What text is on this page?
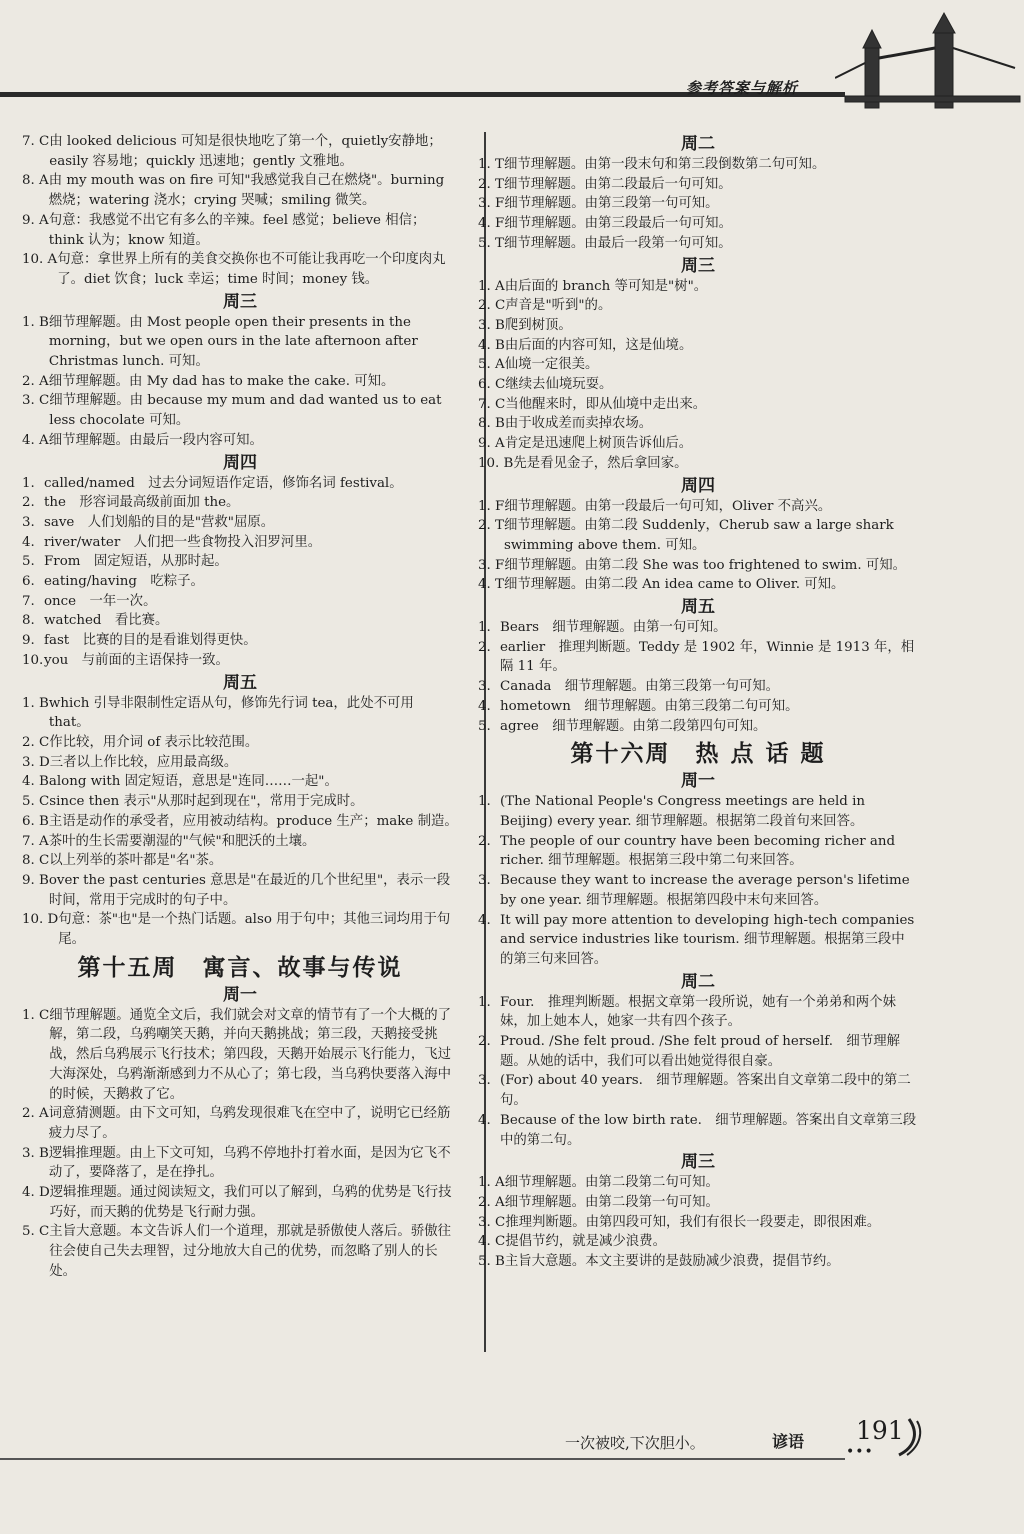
参考答案与解析
7. C 由 looked delicious 可知是很快地吃了第一个，quietly安静地；easily 容易地；quickly 迅速地；gently 文雅地。
8. A 由 my mouth was on fire 可知"我感觉我自己在燃烧"。burning 燃烧；watering 浇水；crying 哭喊；smiling 微笑。
9. A 句意：我感觉不出它有多么的辛辣。feel 感觉；believe 相信；think 认为；know 知道。
10. A 句意：拿世界上所有的美食交换你也不可能让我再吃一个印度肉丸了。diet 饮食；luck 幸运；time 时间；money 钱。
周三
1. B 细节理解题。由 Most people open their presents in the morning，but we open ours in the late afternoon after Christmas lunch. 可知。
2. A 细节理解题。由 My dad has to make the cake. 可知。
3. C 细节理解题。由 because my mum and dad wanted us to eat less chocolate 可知。
4. A 细节理解题。由最后一段内容可知。
周四
1. called/named　过去分词短语作定语，修饰名词 festival。
2. the　形容词最高级前面加 the。
3. save　人们划船的目的是"营救"屈原。
4. river/water　人们把一些食物投入汨罗河里。
5. From　固定短语，从那时起。
6. eating/having　吃粽子。
7. once　一年一次。
8. watched　看比赛。
9. fast　比赛的目的是看谁划得更快。
10. you　与前面的主语保持一致。
周五
1. B which 引导非限制性定语从句，修饰先行词 tea，此处不可用 that。
2. C 作比较，用介词 of 表示比较范围。
3. D 三者以上作比较，应用最高级。
4. B along with 固定短语，意思是"连同……一起"。
5. C since then 表示"从那时起到现在"，常用于完成时。
6. B 主语是动作的承受者，应用被动结构。produce 生产；make 制造。
7. A 茶叶的生长需要潮湿的"气候"和肥沃的土壤。
8. C 以上列举的茶叶都是"名"茶。
9. B over the past centuries 意思是"在最近的几个世纪里"，表示一段时间，常用于完成时的句子中。
10. D 句意：茶"也"是一个热门话题。also 用于句中；其他三词均用于句尾。
第十五周　寓言、故事与传说
周一
1. C 细节理解题。通览全文后，我们就会对文章的情节有了一个大概的了解，第二段，乌鸦嘲笑天鹅，并向天鹅挑战；第三段，天鹅接受挑战，然后乌鸦展示飞行技术；第四段，天鹅开始展示飞行能力，飞过大海深处，乌鸦渐渐感到力不从心了；第七段，当乌鸦快要落入海中的时候，天鹅救了它。
2. A 词意猜测题。由下文可知，乌鸦发现很难飞在空中了，说明它已经筋疲力尽了。
3. B 逻辑推理题。由上下文可知，乌鸦不停地扑打着水面，是因为它飞不动了，要降落了，是在挣扎。
4. D 逻辑推理题。通过阅读短文，我们可以了解到，乌鸦的优势是飞行技巧好，而天鹅的优势是飞行耐力强。
5. C 主旨大意题。本文告诉人们一个道理，那就是骄傲使人落后。骄傲往往会使自己失去理智，过分地放大自己的优势，而忽略了别人的长处。
周二
1. T 细节理解题。由第一段末句和第三段倒数第二句可知。
2. T 细节理解题。由第二段最后一句可知。
3. F 细节理解题。由第三段第一句可知。
4. F 细节理解题。由第三段最后一句可知。
5. T 细节理解题。由最后一段第一句可知。
周三
1. A 由后面的 branch 等可知是"树"。
2. C 声音是"听到"的。
3. B 爬到树顶。
4. B 由后面的内容可知，这是仙境。
5. A 仙境一定很美。
6. C 继续去仙境玩耍。
7. C 当他醒来时，即从仙境中走出来。
8. B 由于收成差而卖掉农场。
9. A 肯定是迅速爬上树顶告诉仙后。
10. B 先是看见金子，然后拿回家。
周四
1. F 细节理解题。由第一段最后一句可知，Oliver 不高兴。
2. T 细节理解题。由第二段 Suddenly，Cherub saw a large shark swimming above them. 可知。
3. F 细节理解题。由第二段 She was too frightened to swim. 可知。
4. T 细节理解题。由第二段 An idea came to Oliver. 可知。
周五
1. Bears　细节理解题。由第一句可知。
2. earlier　推理判断题。Teddy 是 1902 年，Winnie 是 1913 年，相隔 11 年。
3. Canada　细节理解题。由第三段第一句可知。
4. hometown　细节理解题。由第三段第二句可知。
5. agree　细节理解题。由第二段第四句可知。
第十六周　热 点 话 题
周一
1. (The National People's Congress meetings are held in Beijing) every year. 细节理解题。根据第二段首句来回答。
2. The people of our country have been becoming richer and richer. 细节理解题。根据第三段中第二句来回答。
3. Because they want to increase the average person's lifetime by one year. 细节理解题。根据第四段中末句来回答。
4. It will pay more attention to developing high-tech companies and service industries like tourism. 细节理解题。根据第三段中的第三句来回答。
周二
1. Four.　推理判断题。根据文章第一段所说，她有一个弟弟和两个妹妹，加上她本人，她家一共有四个孩子。
2. Proud. /She felt proud. /She felt proud of herself.　细节理解题。从她的话中，我们可以看出她觉得很自豪。
3. (For) about 40 years.　细节理解题。答案出自文章第二段中的第二句。
4. Because of the low birth rate.　细节理解题。答案出自文章第三段中的第二句。
周三
1. A 细节理解题。由第二段第二句可知。
2. A 细节理解题。由第二段第一句可知。
3. C 推理判断题。由第四段可知，我们有很长一段要走，即很困难。
4. C 提倡节约，就是减少浪费。
5. B 主旨大意题。本文主要讲的是鼓励减少浪费，提倡节约。
一次被咬,下次胆小。	谚语
•••
191
